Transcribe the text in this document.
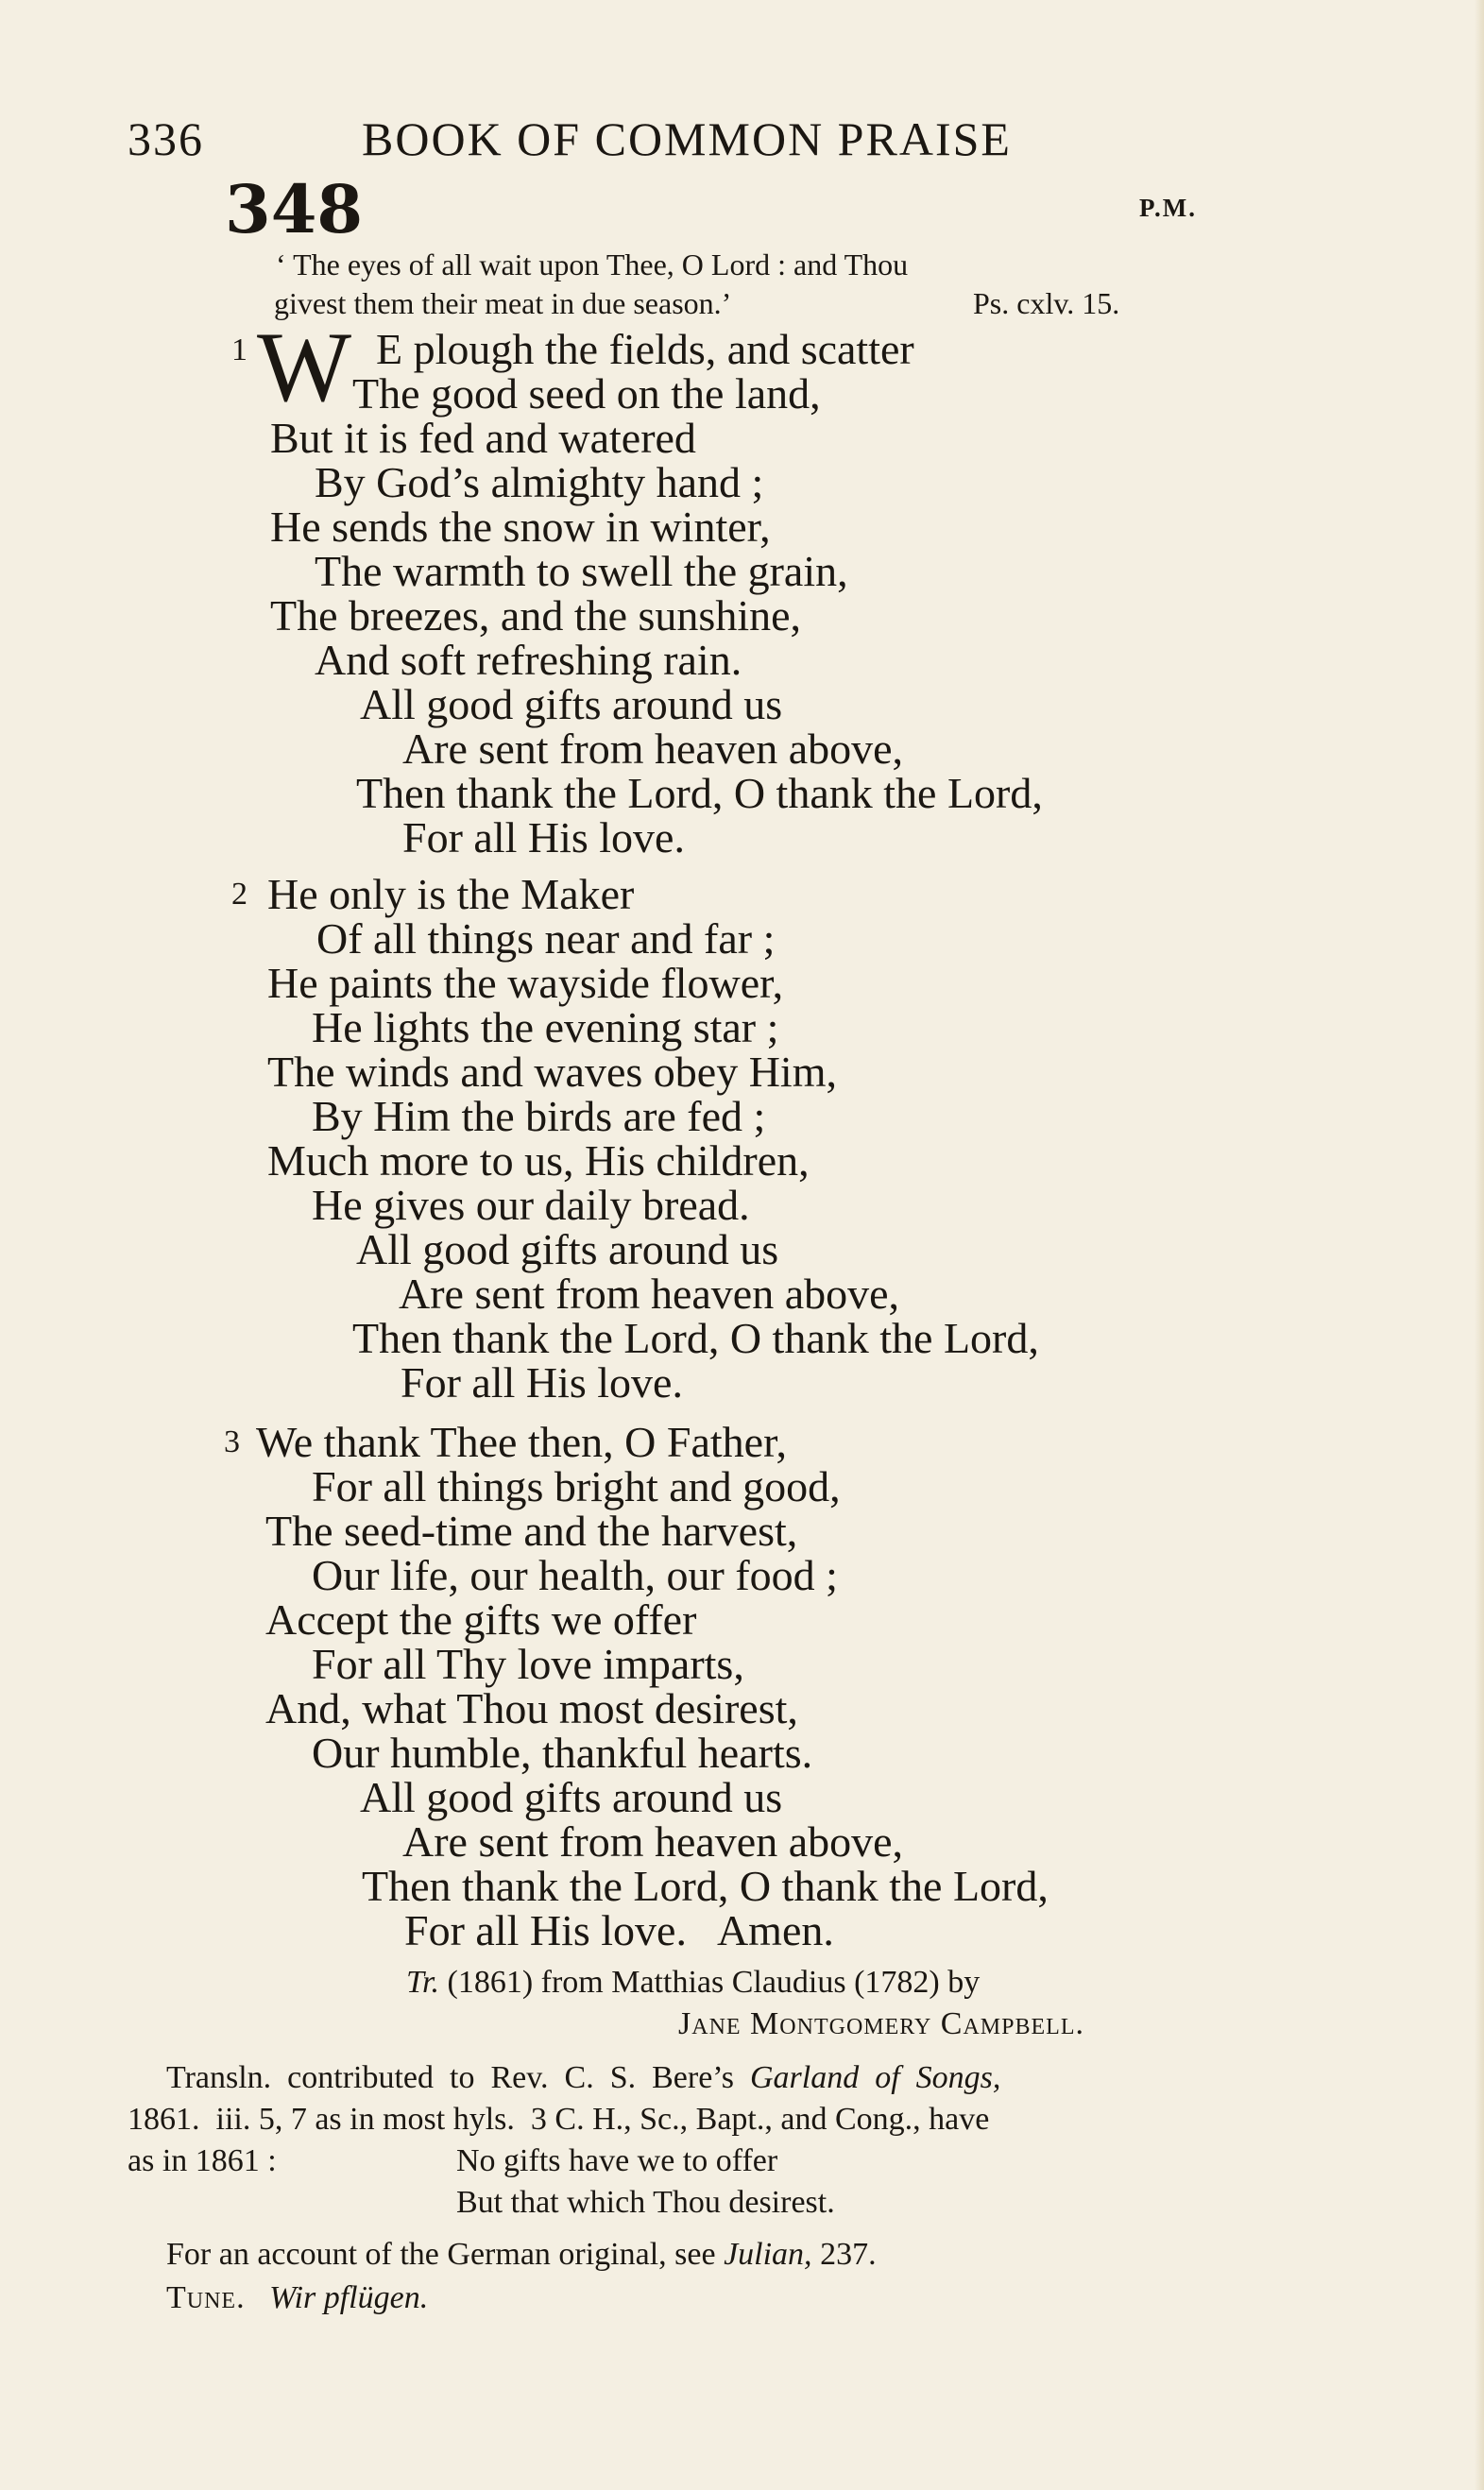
336	BOOK OF COMMON PRAISE
348	P.M.
‘ The eyes of all wait upon Thee, O Lord : and Thou
givest them their meat in due season.’	Ps. cxlv. 15.
1 W E plough the fields, and scatter
The good seed on the land,
But it is fed and watered
By God’s almighty hand ;
He sends the snow in winter,
The warmth to swell the grain,
The breezes, and the sunshine,
And soft refreshing rain.
All good gifts around us
Are sent from heaven above,
Then thank the Lord, O thank the Lord,
For all His love.
2 He only is the Maker
Of all things near and far ;
He paints the wayside flower,
He lights the evening star ;
The winds and waves obey Him,
By Him the birds are fed ;
Much more to us, His children,
He gives our daily bread.
All good gifts around us
Are sent from heaven above,
Then thank the Lord, O thank the Lord,
For all His love.
3 We thank Thee then, O Father,
For all things bright and good,
The seed-time and the harvest,
Our life, our health, our food ;
Accept the gifts we offer
For all Thy love imparts,
And, what Thou most desirest,
Our humble, thankful hearts.
All good gifts around us
Are sent from heaven above,
Then thank the Lord, O thank the Lord,
For all His love.   Amen.
Tr. (1861) from Matthias Claudius (1782) by
Jane Montgomery Campbell.
Transln.  contributed  to  Rev.  C.  S.  Bere’s Garland  of  Songs,
1861.  iii. 5, 7 as in most hyls.  3 C. H., Sc., Bapt., and Cong., have
as in 1861 :	No gifts have we to offer
But that which Thou desirest.
For an account of the German original, see Julian, 237.
Tune. Wir pflügen.
